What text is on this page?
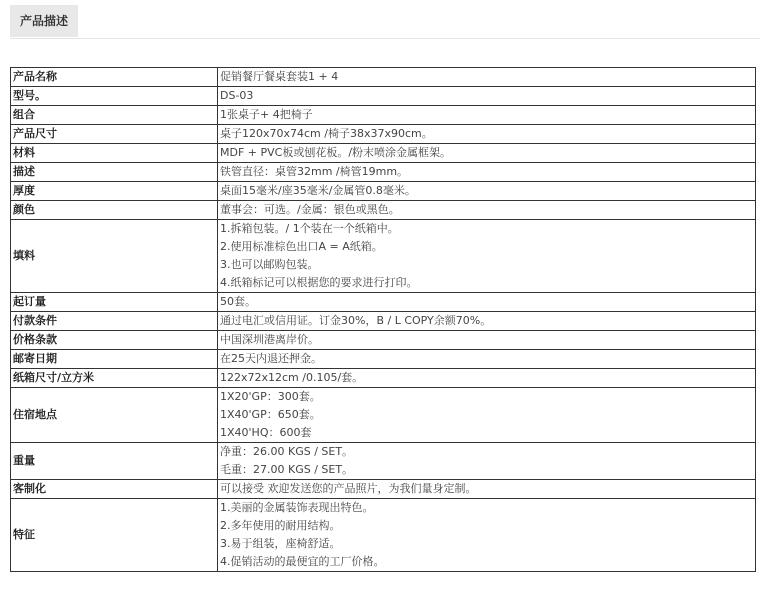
产品描述
产品名称	促销餐厅餐桌套装1 + 4

型号。	DS-03

组合	1张桌子+ 4把椅子

产品尺寸	桌子120x70x74cm /椅子38x37x90cm。

材料	MDF + PVC板或刨花板。/粉末喷涂金属框架。

描述	铁管直径：桌管32mm /椅管19mm。

厚度	桌面15毫米/座35毫米/金属管0.8毫米。

颜色	董事会：可选。/金属：银色或黑色。

填料	1.拆箱包装。/ 1个装在一个纸箱中。
2.使用标准棕色出口A = A纸箱。
3.也可以邮购包装。
4.纸箱标记可以根据您的要求进行打印。

起订量	50套。

付款条件	通过电汇或信用证。订金30%，B / L COPY余额70%。

价格条款	中国深圳港离岸价。

邮寄日期	在25天内退还押金。

纸箱尺寸/立方米	122x72x12cm /0.105/套。

住宿地点	1X20'GP：300套。
1X40'GP：650套。
1X40'HQ：600套

重量	净重：26.00 KGS / SET。
毛重：27.00 KGS / SET。

客制化	可以接受 欢迎发送您的产品照片，为我们量身定制。

特征	1.美丽的金属装饰表现出特色。
2.多年使用的耐用结构。
3.易于组装，座椅舒适。
4.促销活动的最便宜的工厂价格。
